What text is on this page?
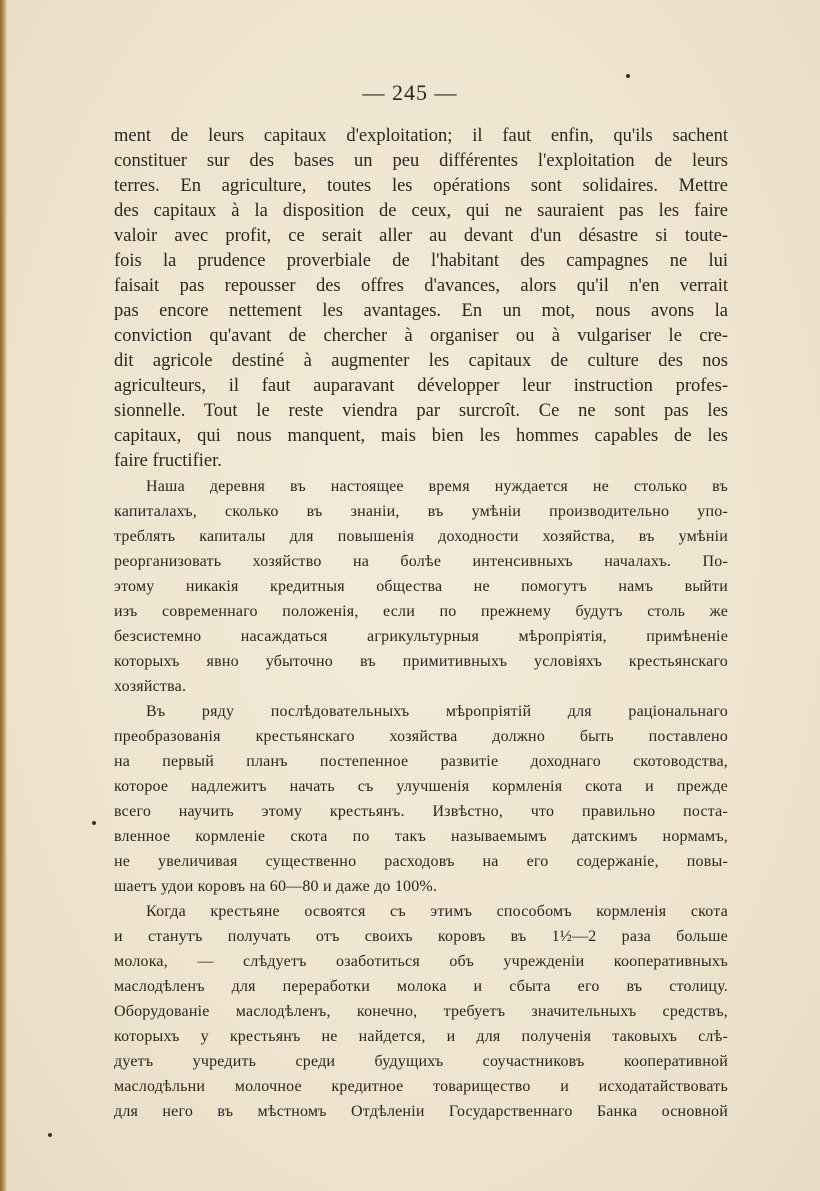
— 245 —
ment de leurs capitaux d'exploitation; il faut enfin, qu'ils sachent
constituer sur des bases un peu différentes l'exploitation de leurs
terres. En agriculture, toutes les opérations sont solidaires. Mettre
des capitaux à la disposition de ceux, qui ne sauraient pas les faire
valoir avec profit, ce serait aller au devant d'un désastre si toute-
fois la prudence proverbiale de l'habitant des campagnes ne lui
faisait pas repousser des offres d'avances, alors qu'il n'en verrait
pas encore nettement les avantages. En un mot, nous avons la
conviction qu'avant de chercher à organiser ou à vulgariser le cre-
dit agricole destiné à augmenter les capitaux de culture des nos
agriculteurs, il faut auparavant développer leur instruction profes-
sionnelle. Tout le reste viendra par surcroît. Ce ne sont pas les
capitaux, qui nous manquent, mais bien les hommes capables de les
faire fructifier.
Наша деревня въ настоящее время нуждается не столько въ
капиталахъ, сколько въ знаніи, въ умѣніи производительно упо-
треблять капиталы для повышенія доходности хозяйства, въ умѣніи
реорганизовать хозяйство на болѣе интенсивныхъ началахъ. По-
этому никакія кредитныя общества не помогутъ намъ выйти
изъ современнаго положенія, если по прежнему будутъ столь же
безсистемно насаждаться агрикультурныя мѣропріятія, примѣненіе
которыхъ явно убыточно въ примитивныхъ условіяхъ крестьянскаго
хозяйства.
Въ ряду послѣдовательныхъ мѣропріятій для раціональнаго
преобразованія крестьянскаго хозяйства должно быть поставлено
на первый планъ постепенное развитіе доходнаго скотоводства,
которое надлежитъ начать съ улучшенія кормленія скота и прежде
всего научить этому крестьянъ. Извѣстно, что правильно поста-
вленное кормленіе скота по такъ называемымъ датскимъ нормамъ,
не увеличивая существенно расходовъ на его содержаніе, повы-
шаетъ удои коровъ на 60—80 и даже до 100%.
Когда крестьяне освоятся съ этимъ способомъ кормленія скота
и станутъ получать отъ своихъ коровъ въ 1½—2 раза больше
молока, — слѣдуетъ озаботиться объ учрежденіи кооперативныхъ
маслодѣленъ для переработки молока и сбыта его въ столицу.
Оборудованіе маслодѣленъ, конечно, требуетъ значительныхъ средствъ,
которыхъ у крестьянъ не найдется, и для полученія таковыхъ слѣ-
дуетъ учредить среди будущихъ соучастниковъ кооперативной
маслодѣльни молочное кредитное товарищество и исходатайствовать
для него въ мѣстномъ Отдѣленіи Государственнаго Банка основной
